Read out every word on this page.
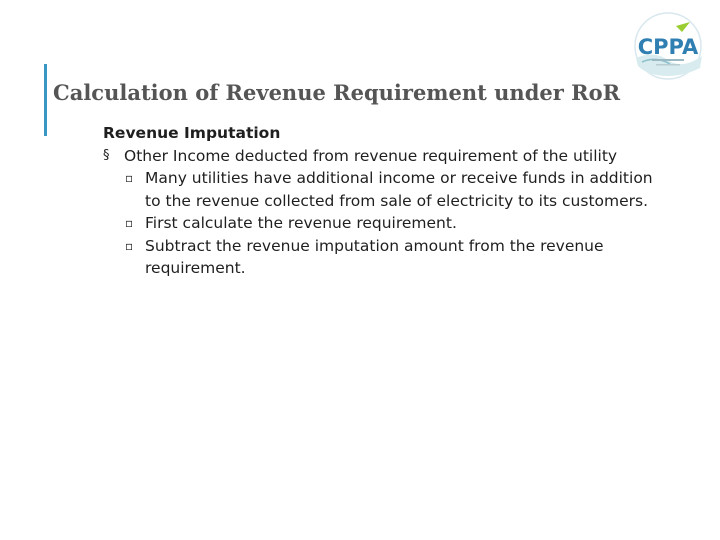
Calculation of Revenue Requirement under RoR
CPPA
Revenue Imputation
§ Other Income deducted from revenue requirement of the utility
▫ Many utilities have additional income or receive funds in addition to the revenue collected from sale of electricity to its customers.
▫ First calculate the revenue requirement.
▫ Subtract the revenue imputation amount from the revenue requirement.
